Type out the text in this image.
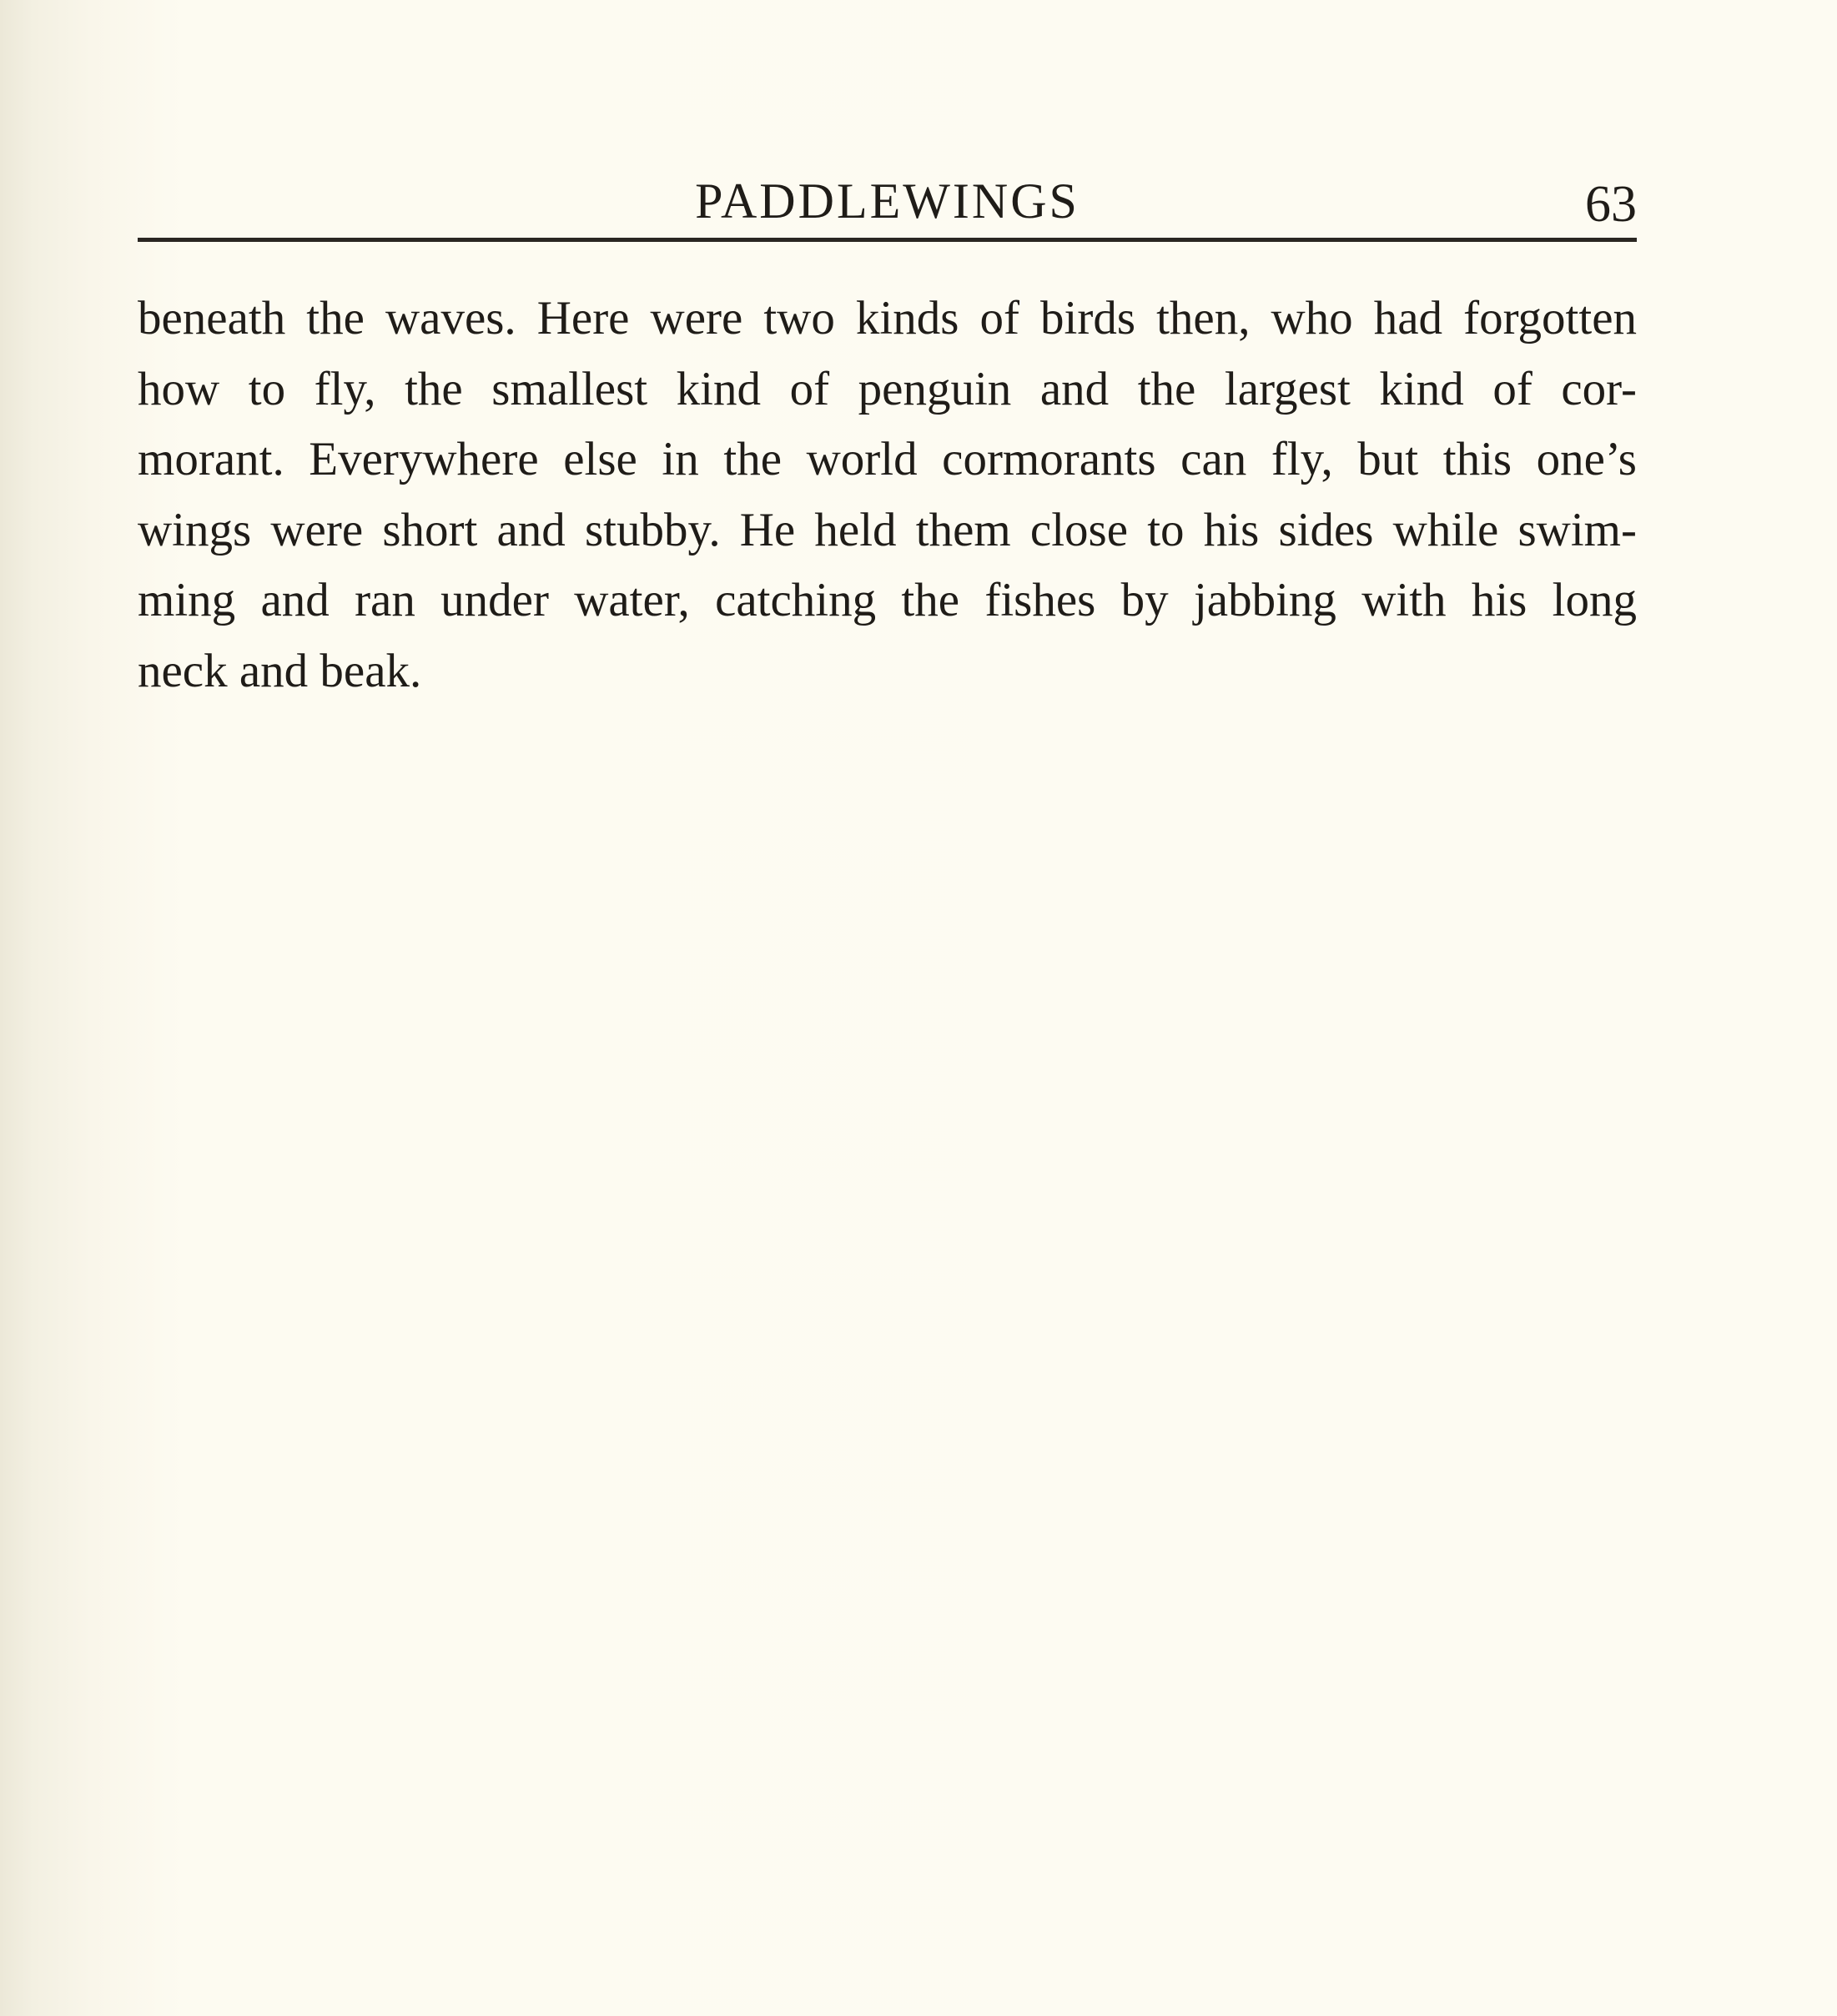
PADDLEWINGS	63
beneath the waves. Here were two kinds of birds then, who had forgotten
how to fly, the smallest kind of penguin and the largest kind of cor-
morant. Everywhere else in the world cormorants can fly, but this one’s
wings were short and stubby. He held them close to his sides while swim-
ming and ran under water, catching the fishes by jabbing with his long
neck and beak.
